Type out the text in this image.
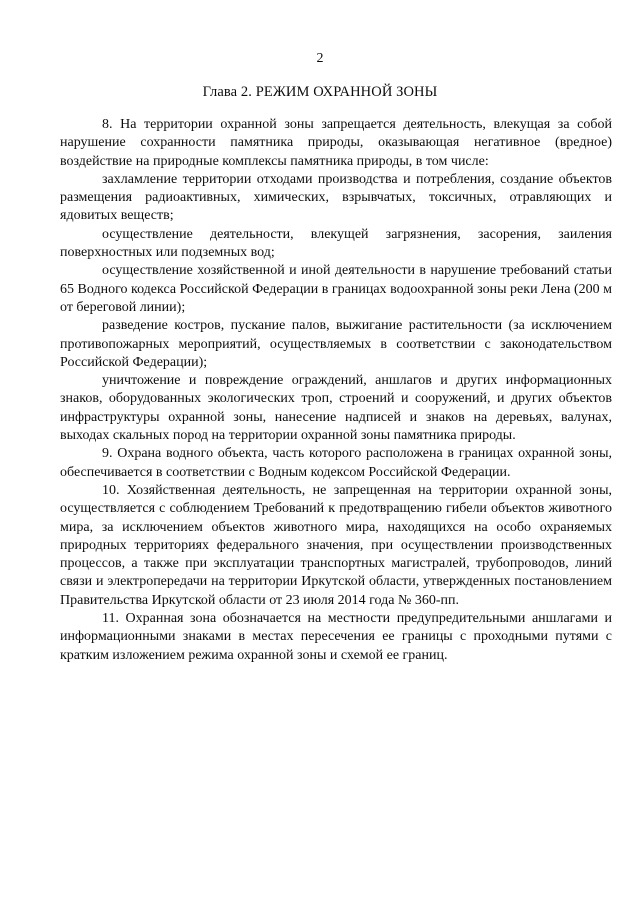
2
Глава 2. РЕЖИМ ОХРАННОЙ ЗОНЫ

8. На территории охранной зоны запрещается деятельность, влекущая за собой нарушение сохранности памятника природы, оказывающая негативное (вредное) воздействие на природные комплексы памятника природы, в том числе:

захламление территории отходами производства и потребления, создание объектов размещения радиоактивных, химических, взрывчатых, токсичных, отравляющих и ядовитых веществ;

осуществление деятельности, влекущей загрязнения, засорения, заиления поверхностных или подземных вод;

осуществление хозяйственной и иной деятельности в нарушение требований статьи 65 Водного кодекса Российской Федерации в границах водоохранной зоны реки Лена (200 м от береговой линии);

разведение костров, пускание палов, выжигание растительности (за исключением противопожарных мероприятий, осуществляемых в соответствии с законодательством Российской Федерации);

уничтожение и повреждение ограждений, аншлагов и других информационных знаков, оборудованных экологических троп, строений и сооружений, и других объектов инфраструктуры охранной зоны, нанесение надписей и знаков на деревьях, валунах, выходах скальных пород на территории охранной зоны памятника природы.

9. Охрана водного объекта, часть которого расположена в границах охранной зоны, обеспечивается в соответствии с Водным кодексом Российской Федерации.

10. Хозяйственная деятельность, не запрещенная на территории охранной зоны, осуществляется с соблюдением Требований к предотвращению гибели объектов животного мира, за исключением объектов животного мира, находящихся на особо охраняемых природных территориях федерального значения, при осуществлении производственных процессов, а также при эксплуатации транспортных магистралей, трубопроводов, линий связи и электропередачи на территории Иркутской области, утвержденных постановлением Правительства Иркутской области от 23 июля 2014 года № 360-пп.

11. Охранная зона обозначается на местности предупредительными аншлагами и информационными знаками в местах пересечения ее границы с проходными путями с кратким изложением режима охранной зоны и схемой ее границ.
